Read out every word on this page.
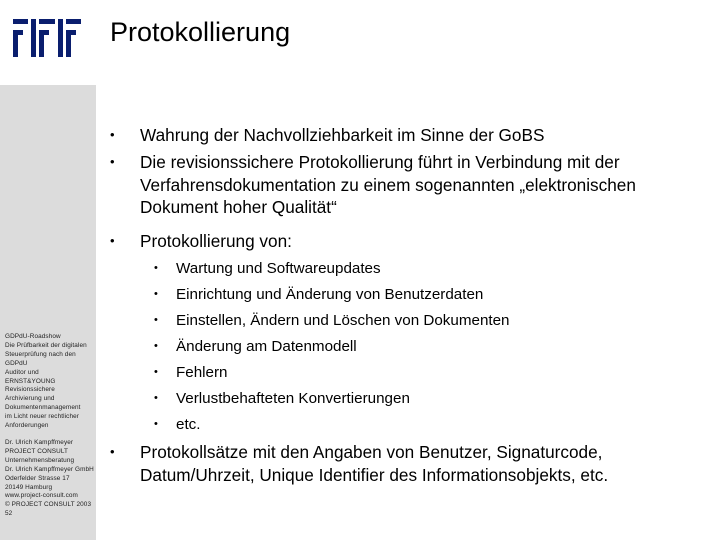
Protokollierung
GDPdU-Roadshow
Die Prüfbarkeit der digitalen
Steuerprüfung nach den
GDPdU
Auditor und
ERNST&YOUNG
Revisionssichere
Archivierung und
Dokumentenmanagement
im Licht neuer rechtlicher
Anforderungen
Dr. Ulrich Kampffmeyer
PROJECT CONSULT
Unternehmensberatung
Dr. Ulrich Kampffmeyer GmbH
Oderfelder Strasse 17
20149 Hamburg
www.project-consult.com
© PROJECT CONSULT 2003
52
• Wahrung der Nachvollziehbarkeit im Sinne der GoBS
• Die revisionssichere Protokollierung führt in Verbindung mit der Verfahrensdokumentation zu einem sogenannten „elektronischen Dokument hoher Qualität“
• Protokollierung von:
• Wartung und Softwareupdates
• Einrichtung und Änderung von Benutzerdaten
• Einstellen, Ändern und Löschen von Dokumenten
• Änderung am Datenmodell
• Fehlern
• Verlustbehafteten Konvertierungen
• etc.
• Protokollsätze mit den Angaben von Benutzer, Signaturcode, Datum/Uhrzeit, Unique Identifier des Informationsobjekts, etc.
